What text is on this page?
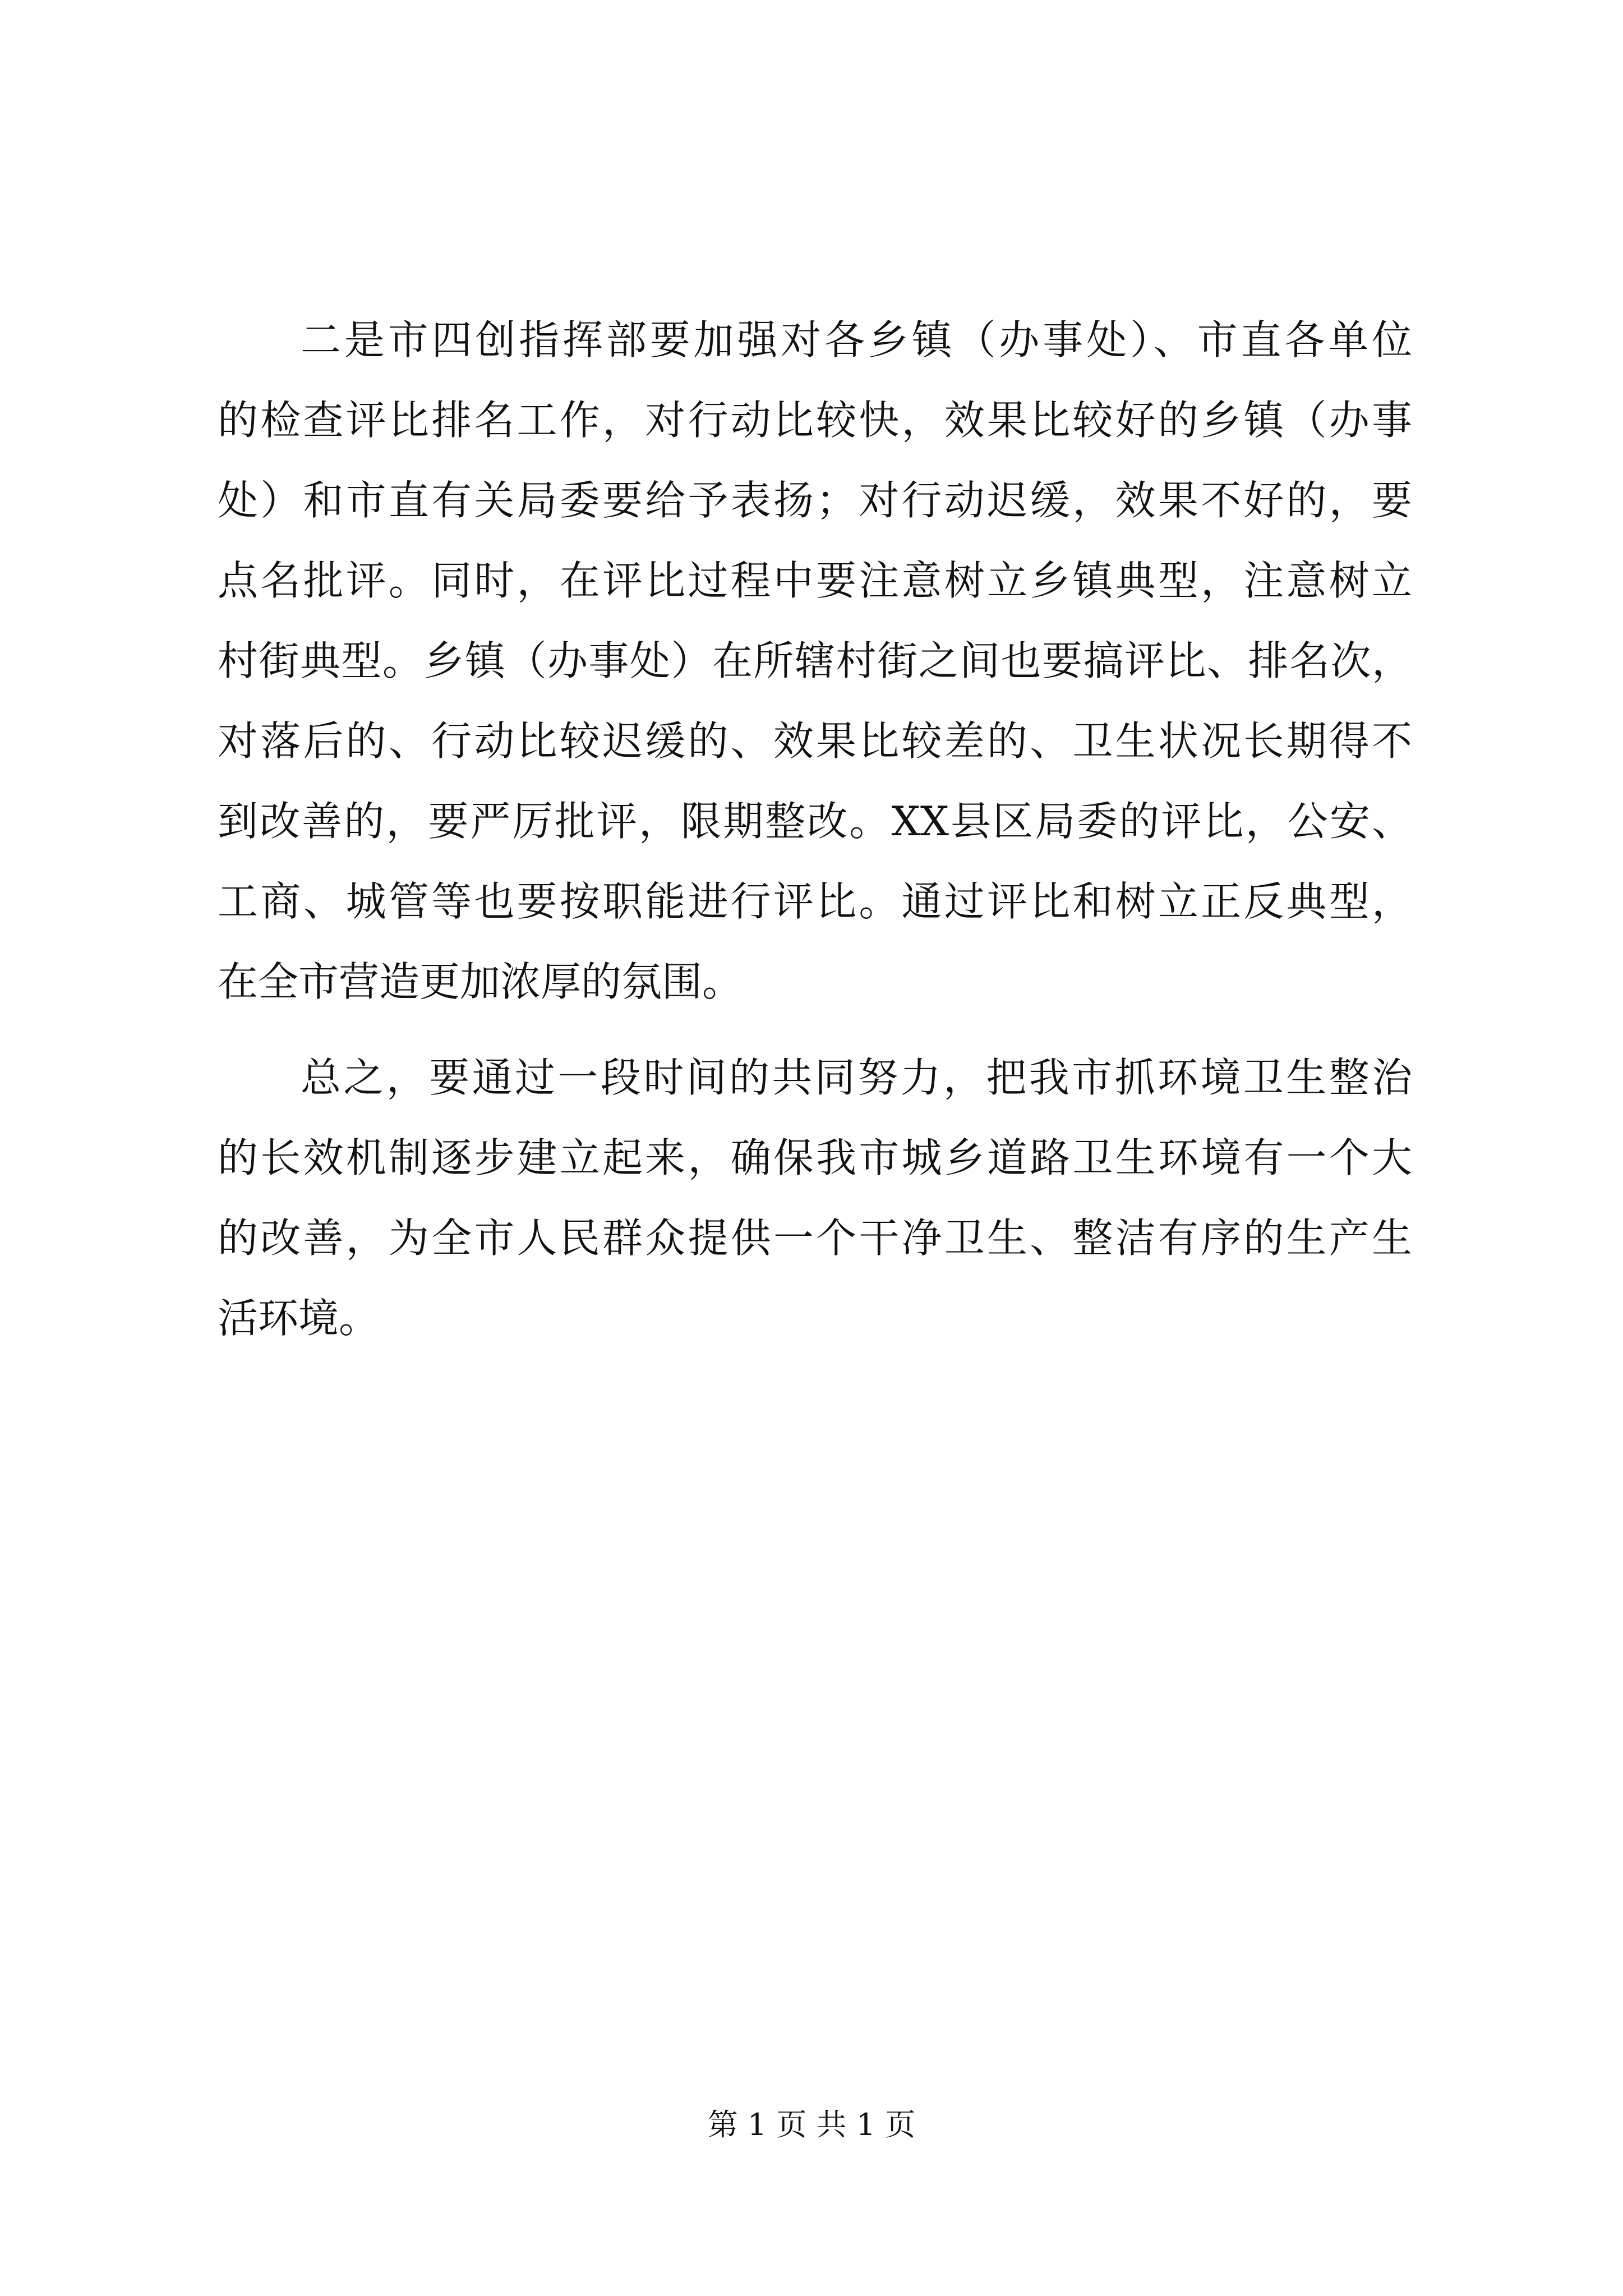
二是市四创指挥部要加强对各乡镇（办事处）、市直各单位
的检查评比排名工作，对行动比较快，效果比较好的乡镇（办事
处）和市直有关局委要给予表扬；对行动迟缓，效果不好的，要
点名批评。同时，在评比过程中要注意树立乡镇典型，注意树立
村街典型。乡镇（办事处）在所辖村街之间也要搞评比、排名次，
对落后的、行动比较迟缓的、效果比较差的、卫生状况长期得不
到改善的，要严厉批评，限期整改。XX县区局委的评比，公安、
工商、城管等也要按职能进行评比。通过评比和树立正反典型，
在全市营造更加浓厚的氛围。
总之，要通过一段时间的共同努力，把我市抓环境卫生整治
的长效机制逐步建立起来，确保我市城乡道路卫生环境有一个大
的改善，为全市人民群众提供一个干净卫生、整洁有序的生产生
活环境。
第 1 页 共 1 页
